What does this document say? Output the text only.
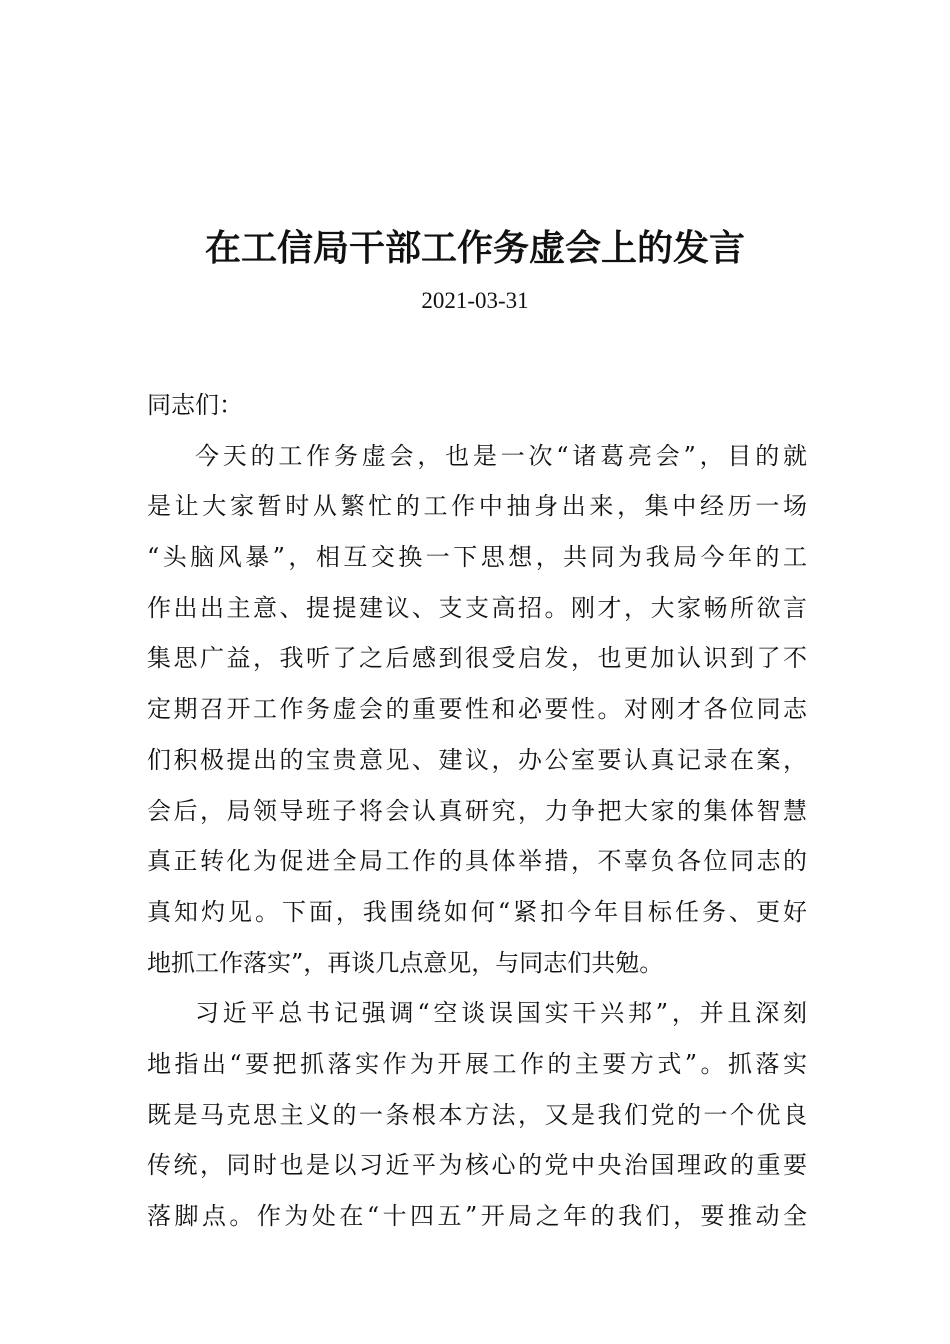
在工信局干部工作务虚会上的发言
2021-03-31
同志们：
今天的工作务虚会，也是一次“诸葛亮会”，目的就
是让大家暂时从繁忙的工作中抽身出来，集中经历一场
“头脑风暴”，相互交换一下思想，共同为我局今年的工
作出出主意、提提建议、支支高招。刚才，大家畅所欲言
集思广益，我听了之后感到很受启发，也更加认识到了不
定期召开工作务虚会的重要性和必要性。对刚才各位同志
们积极提出的宝贵意见、建议，办公室要认真记录在案，
会后，局领导班子将会认真研究，力争把大家的集体智慧
真正转化为促进全局工作的具体举措，不辜负各位同志的
真知灼见。下面，我围绕如何“紧扣今年目标任务、更好
地抓工作落实”，再谈几点意见，与同志们共勉。
习近平总书记强调“空谈误国实干兴邦”，并且深刻
地指出“要把抓落实作为开展工作的主要方式”。抓落实
既是马克思主义的一条根本方法，又是我们党的一个优良
传统，同时也是以习近平为核心的党中央治国理政的重要
落脚点。作为处在“十四五”开局之年的我们，要推动全
